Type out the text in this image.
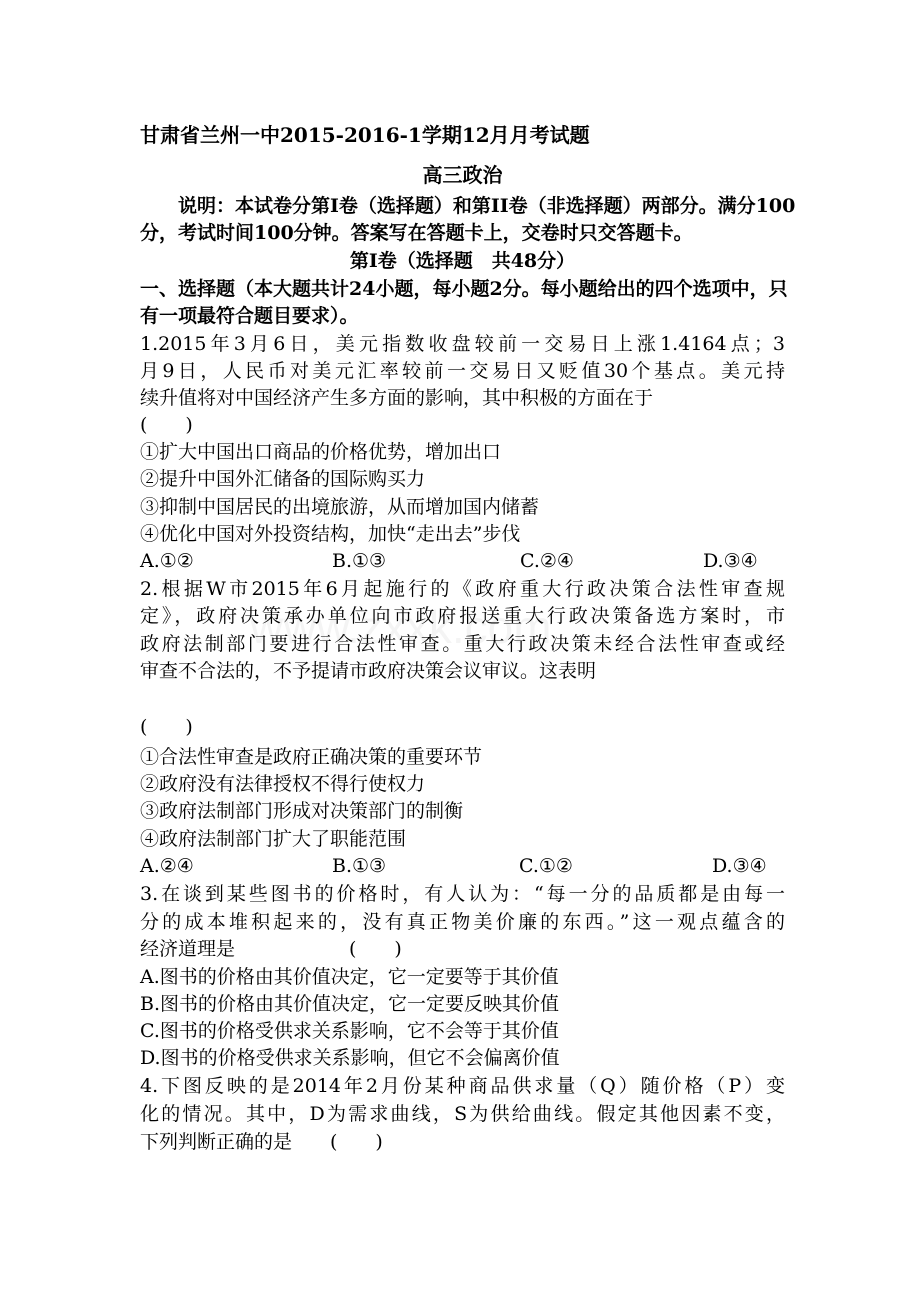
甘肃省兰州一中2015-2016-1学期12月月考试题
高三政治
说明：本试卷分第I卷（选择题）和第II卷（非选择题）两部分。满分100
分，考试时间100分钟。答案写在答题卡上，交卷时只交答题卡。
第I卷（选择题　共48分）
一、选择题（本大题共计24小题，每小题2分。每小题给出的四个选项中，只
有一项最符合题目要求）。
1.2015年3月6日，美元指数收盘较前一交易日上涨1.4164点；3
月9日，人民币对美元汇率较前一交易日又贬值30个基点。美元持
续升值将对中国经济产生多方面的影响，其中积极的方面在于
(　　)
①扩大中国出口商品的价格优势，增加出口
②提升中国外汇储备的国际购买力
③抑制中国居民的出境旅游，从而增加国内储蓄
④优化中国对外投资结构，加快“走出去”步伐
A.①②	B.①③	C.②④	D.③④
2.根据W市2015年6月起施行的《政府重大行政决策合法性审查规
定》，政府决策承办单位向市政府报送重大行政决策备选方案时，市
政府法制部门要进行合法性审查。重大行政决策未经合法性审查或经
审查不合法的，不予提请市政府决策会议审议。这表明
(　　)
①合法性审查是政府正确决策的重要环节
②政府没有法律授权不得行使权力
③政府法制部门形成对决策部门的制衡
④政府法制部门扩大了职能范围
A.②④	B.①③	C.①②	D.③④
3.在谈到某些图书的价格时，有人认为：“每一分的品质都是由每一
分的成本堆积起来的，没有真正物美价廉的东西。”这一观点蕴含的
经济道理是　　　　　　(　　)
A.图书的价格由其价值决定，它一定要等于其价值
B.图书的价格由其价值决定，它一定要反映其价值
C.图书的价格受供求关系影响，它不会等于其价值
D.图书的价格受供求关系影响，但它不会偏离价值
4.下图反映的是2014年2月份某种商品供求量（Q）随价格（P）变
化的情况。其中，D为需求曲线，S为供给曲线。假定其他因素不变，
下列判断正确的是　　(　　)
